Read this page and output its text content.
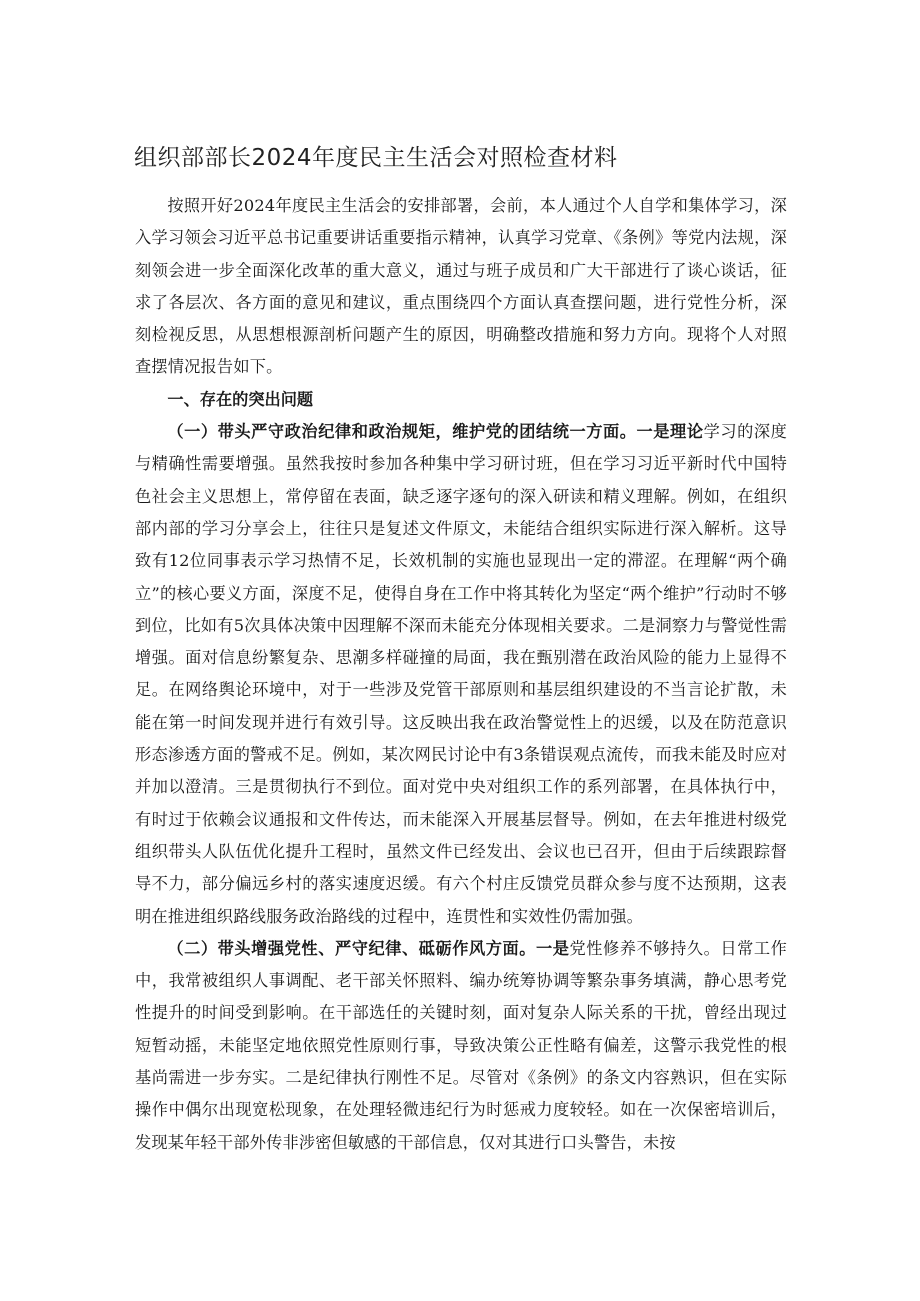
组织部部长2024年度民主生活会对照检查材料

按照开好2024年度民主生活会的安排部署，会前，本人通过个人自学和集体学习，深入学习领会习近平总书记重要讲话重要指示精神，认真学习党章、《条例》等党内法规，深刻领会进一步全面深化改革的重大意义，通过与班子成员和广大干部进行了谈心谈话，征求了各层次、各方面的意见和建议，重点围绕四个方面认真查摆问题，进行党性分析，深刻检视反思，从思想根源剖析问题产生的原因，明确整改措施和努力方向。现将个人对照查摆情况报告如下。

一、存在的突出问题

（一）带头严守政治纪律和政治规矩，维护党的团结统一方面。一是理论学习的深度与精确性需要增强。虽然我按时参加各种集中学习研讨班，但在学习习近平新时代中国特色社会主义思想上，常停留在表面，缺乏逐字逐句的深入研读和精义理解。例如，在组织部内部的学习分享会上，往往只是复述文件原文，未能结合组织实际进行深入解析。这导致有12位同事表示学习热情不足，长效机制的实施也显现出一定的滞涩。在理解“两个确立”的核心要义方面，深度不足，使得自身在工作中将其转化为坚定“两个维护”行动时不够到位，比如有5次具体决策中因理解不深而未能充分体现相关要求。二是洞察力与警觉性需增强。面对信息纷繁复杂、思潮多样碰撞的局面，我在甄别潜在政治风险的能力上显得不足。在网络舆论环境中，对于一些涉及党管干部原则和基层组织建设的不当言论扩散，未能在第一时间发现并进行有效引导。这反映出我在政治警觉性上的迟缓，以及在防范意识形态渗透方面的警戒不足。例如，某次网民讨论中有3条错误观点流传，而我未能及时应对并加以澄清。三是贯彻执行不到位。面对党中央对组织工作的系列部署，在具体执行中，有时过于依赖会议通报和文件传达，而未能深入开展基层督导。例如，在去年推进村级党组织带头人队伍优化提升工程时，虽然文件已经发出、会议也已召开，但由于后续跟踪督导不力，部分偏远乡村的落实速度迟缓。有六个村庄反馈党员群众参与度不达预期，这表明在推进组织路线服务政治路线的过程中，连贯性和实效性仍需加强。

（二）带头增强党性、严守纪律、砥砺作风方面。一是党性修养不够持久。日常工作中，我常被组织人事调配、老干部关怀照料、编办统筹协调等繁杂事务填满，静心思考党性提升的时间受到影响。在干部选任的关键时刻，面对复杂人际关系的干扰，曾经出现过短暂动摇，未能坚定地依照党性原则行事，导致决策公正性略有偏差，这警示我党性的根基尚需进一步夯实。二是纪律执行刚性不足。尽管对《条例》的条文内容熟识，但在实际操作中偶尔出现宽松现象，在处理轻微违纪行为时惩戒力度较轻。如在一次保密培训后，发现某年轻干部外传非涉密但敏感的干部信息，仅对其进行口头警告，未按
